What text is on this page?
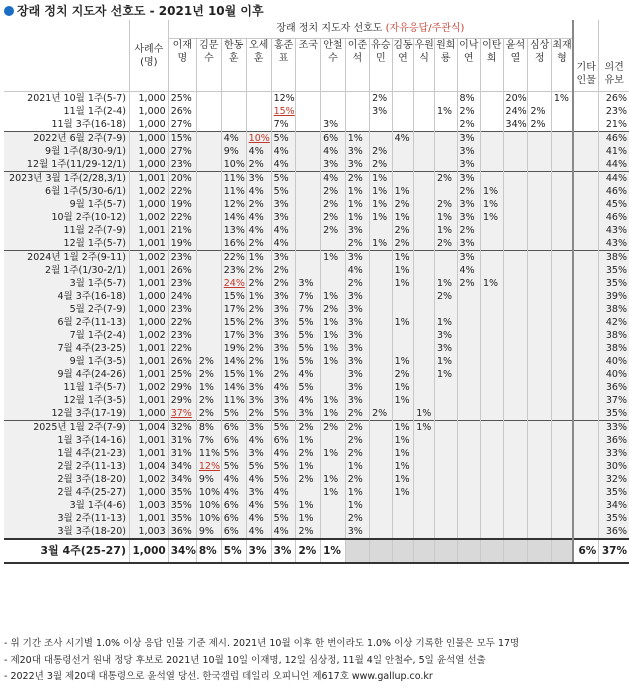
장래 정치 지도자 선호도 - 2021년 10월 이후
	사례수(명)	장래 정치 지도자 선호도 (자유응답/주관식)																	기타 인물	의견 유보
		이재명	김문수	한동훈	오세훈	홍준표	조국	안철수	이준석	유승민	김동연	우원식	원희룡	이낙연	이탄희	윤석열	심상정	최재형		
2021년 10월 1주(5-7)	1,000	25%				12%				2%				8%		20%		1%		26%
11월 1주(2-4)	1,000	26%				15%				3%			1%	2%		24%	2%			23%
11월 3주(16-18)	1,000	27%				7%		3%						2%		34%	2%			21%
2022년 6월 2주(7-9)	1,000	15%		4%	10%	5%		6%	1%		4%			3%						46%
9월 1주(8/30-9/1)	1,000	27%		9%	4%	4%		4%	3%	2%				3%						41%
12월 1주(11/29-12/1)	1,000	23%		10%	2%	4%		3%	3%	2%				3%						44%
2023년 3월 1주(2/28,3/1)	1,001	20%		11%	3%	5%		4%	2%	1%			2%	3%						44%
6월 1주(5/30-6/1)	1,002	22%		11%	4%	5%		2%	1%	1%	1%			2%	1%					46%
9월 1주(5-7)	1,000	19%		12%	2%	3%		2%	1%	1%	2%		2%	3%	1%					45%
10월 2주(10-12)	1,002	22%		14%	4%	3%		2%	1%	1%	1%		1%	3%	1%					46%
11월 2주(7-9)	1,001	21%		13%	4%	4%		2%	3%		2%		1%	2%						43%
12월 1주(5-7)	1,001	19%		16%	2%	4%			2%	1%	2%		2%	3%						43%
2024년 1월 2주(9-11)	1,002	23%		22%	1%	3%		1%	3%		1%			3%						38%
2월 1주(1/30-2/1)	1,001	26%		23%	2%	2%			4%		1%			4%						35%
3월 1주(5-7)	1,001	23%		24%	2%	2%	3%		2%		1%		1%	2%	1%					35%
4월 3주(16-18)	1,000	24%		15%	1%	3%	7%	1%	3%				2%							39%
5월 2주(7-9)	1,000	23%		17%	2%	3%	7%	2%	3%											38%
6월 2주(11-13)	1,000	22%		15%	2%	3%	5%	1%	3%		1%		1%							42%
7월 1주(2-4)	1,002	23%		17%	3%	3%	5%	1%	3%				3%							38%
7월 4주(23-25)	1,001	22%		19%	2%	3%	5%	1%	3%				3%							38%
9월 1주(3-5)	1,001	26%	2%	14%	2%	1%	5%	1%	3%		1%		1%							40%
9월 4주(24-26)	1,001	25%	2%	15%	1%	2%	4%		3%		2%		1%							40%
11월 1주(5-7)	1,002	29%	1%	14%	3%	4%	5%		3%		1%									36%
12월 1주(3-5)	1,001	29%	2%	11%	3%	3%	4%	1%	3%		1%									37%
12월 3주(17-19)	1,000	37%	2%	5%	2%	5%	3%	1%	2%	2%		1%								35%
2025년 1월 2주(7-9)	1,004	32%	8%	6%	3%	5%	2%	2%	2%		1%	1%								33%
1월 3주(14-16)	1,001	31%	7%	6%	4%	6%	1%		2%		1%									36%
1월 4주(21-23)	1,001	31%	11%	5%	3%	4%	2%	1%	2%		1%									33%
2월 2주(11-13)	1,004	34%	12%	5%	5%	5%	1%		1%		1%									30%
2월 3주(18-20)	1,002	34%	9%	4%	4%	5%	2%	1%	2%		1%									32%
2월 4주(25-27)	1,000	35%	10%	4%	3%	4%		1%	1%		1%									35%
3월 1주(4-6)	1,003	35%	10%	6%	4%	5%	1%		1%											34%
3월 2주(11-13)	1,001	35%	10%	6%	4%	5%	1%		2%											35%
3월 3주(18-20)	1,003	36%	9%	6%	4%	4%	2%		3%											36%
3월 4주(25-27)	1,000	34%	8%	5%	3%	3%	2%	1%											6%	37%
- 위 기간 조사 시기별 1.0% 이상 응답 인물 기준 제시. 2021년 10월 이후 한 번이라도 1.0% 이상 기록한 인물은 모두 17명
- 제20대 대통령선거 원내 정당 후보로 2021년 10월 10일 이재명, 12일 심상정, 11월 4일 안철수, 5일 윤석열 선출
- 2022년 3월 제20대 대통령으로 윤석열 당선. 한국갤럽 데일리 오피니언 제617호 www.gallup.co.kr
